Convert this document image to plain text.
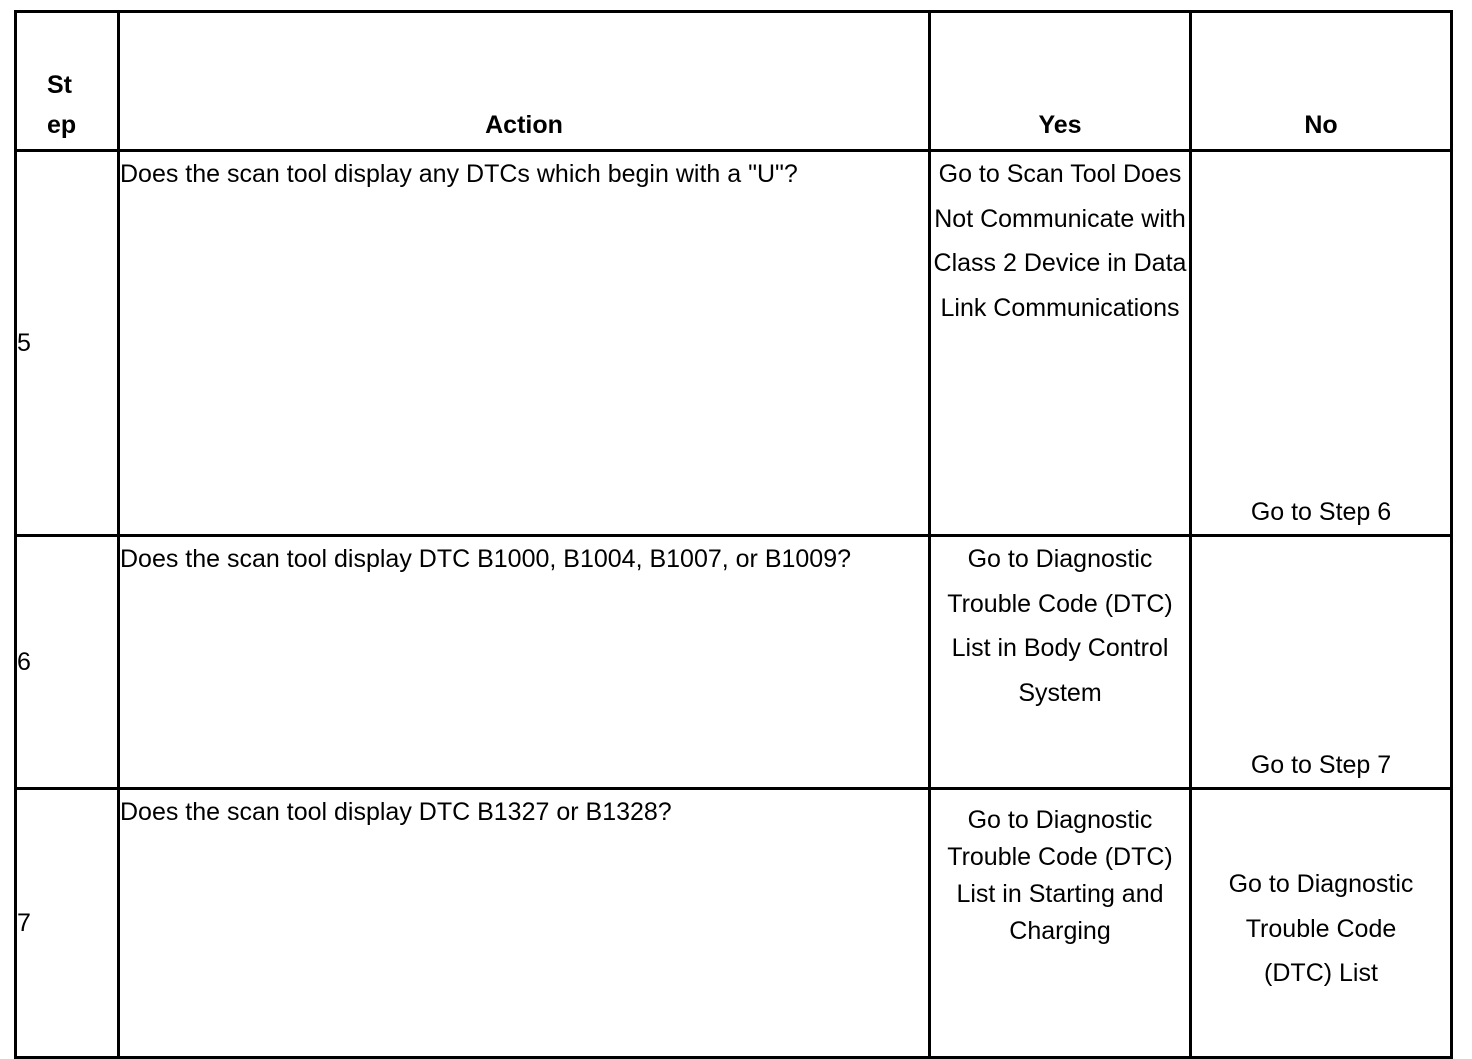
St
ep	Action	Yes	No

5	Does the scan tool display any DTCs which begin with a "U"?	Go to Scan Tool Does Not Communicate with Class 2 Device in Data Link Communications	Go to Step 6
6	Does the scan tool display DTC B1000, B1004, B1007, or B1009?	Go to Diagnostic Trouble Code (DTC) List in Body Control System	Go to Step 7
7	Does the scan tool display DTC B1327 or B1328?	Go to Diagnostic Trouble Code (DTC) List in Starting and Charging	Go to Diagnostic Trouble Code (DTC) List
